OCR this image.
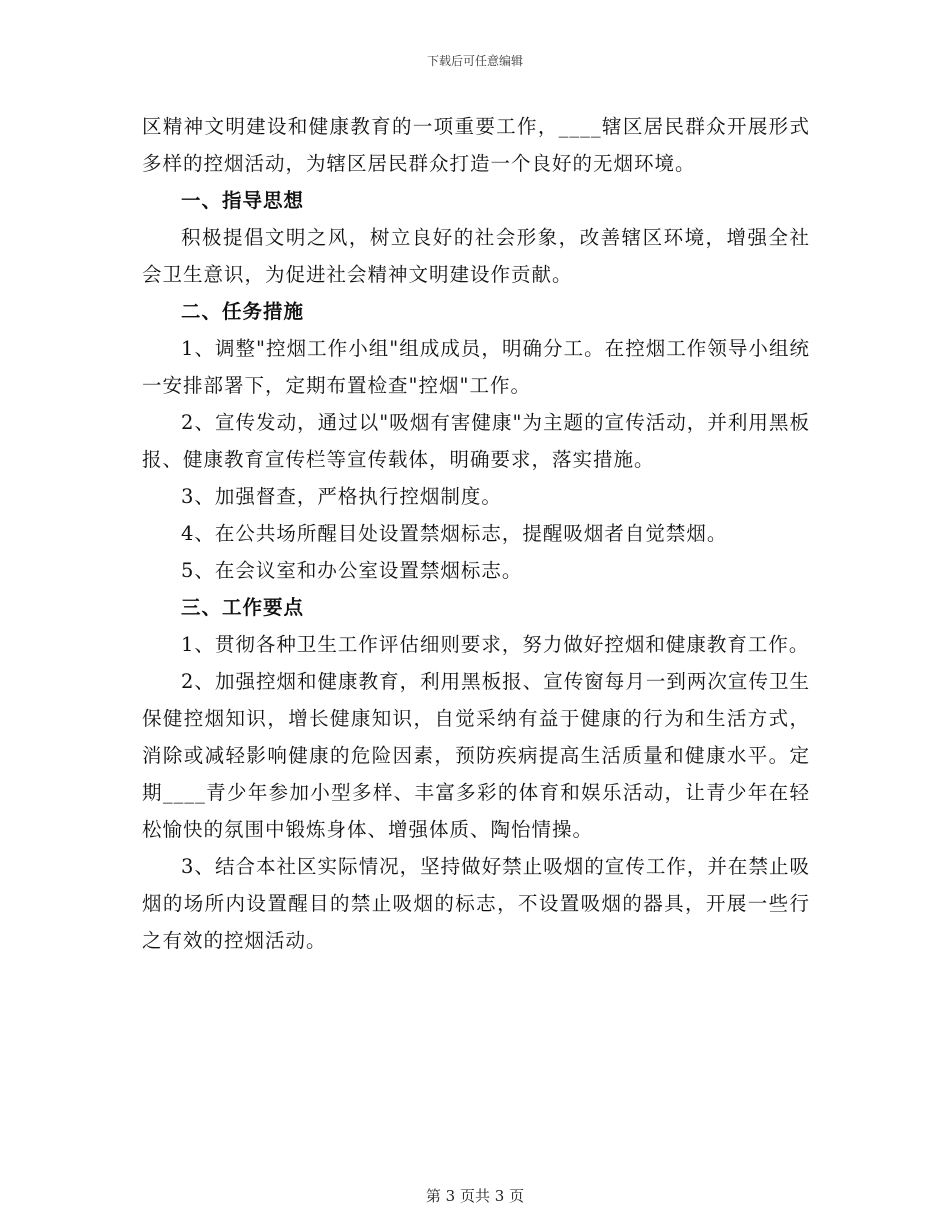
下载后可任意编辑

区精神文明建设和健康教育的一项重要工作，____辖区居民群众开展形式多样的控烟活动，为辖区居民群众打造一个良好的无烟环境。

一、指导思想

积极提倡文明之风，树立良好的社会形象，改善辖区环境，增强全社会卫生意识，为促进社会精神文明建设作贡献。

二、任务措施

1、调整"控烟工作小组"组成成员，明确分工。在控烟工作领导小组统一安排部署下，定期布置检查"控烟"工作。

2、宣传发动，通过以"吸烟有害健康"为主题的宣传活动，并利用黑板报、健康教育宣传栏等宣传载体，明确要求，落实措施。

3、加强督查，严格执行控烟制度。

4、在公共场所醒目处设置禁烟标志，提醒吸烟者自觉禁烟。

5、在会议室和办公室设置禁烟标志。

三、工作要点

1、贯彻各种卫生工作评估细则要求，努力做好控烟和健康教育工作。

2、加强控烟和健康教育，利用黑板报、宣传窗每月一到两次宣传卫生保健控烟知识，增长健康知识，自觉采纳有益于健康的行为和生活方式，消除或减轻影响健康的危险因素，预防疾病提高生活质量和健康水平。定期____青少年参加小型多样、丰富多彩的体育和娱乐活动，让青少年在轻松愉快的氛围中锻炼身体、增强体质、陶怡情操。

3、结合本社区实际情况，坚持做好禁止吸烟的宣传工作，并在禁止吸烟的场所内设置醒目的禁止吸烟的标志，不设置吸烟的器具，开展一些行之有效的控烟活动。

第 3 页共 3 页
